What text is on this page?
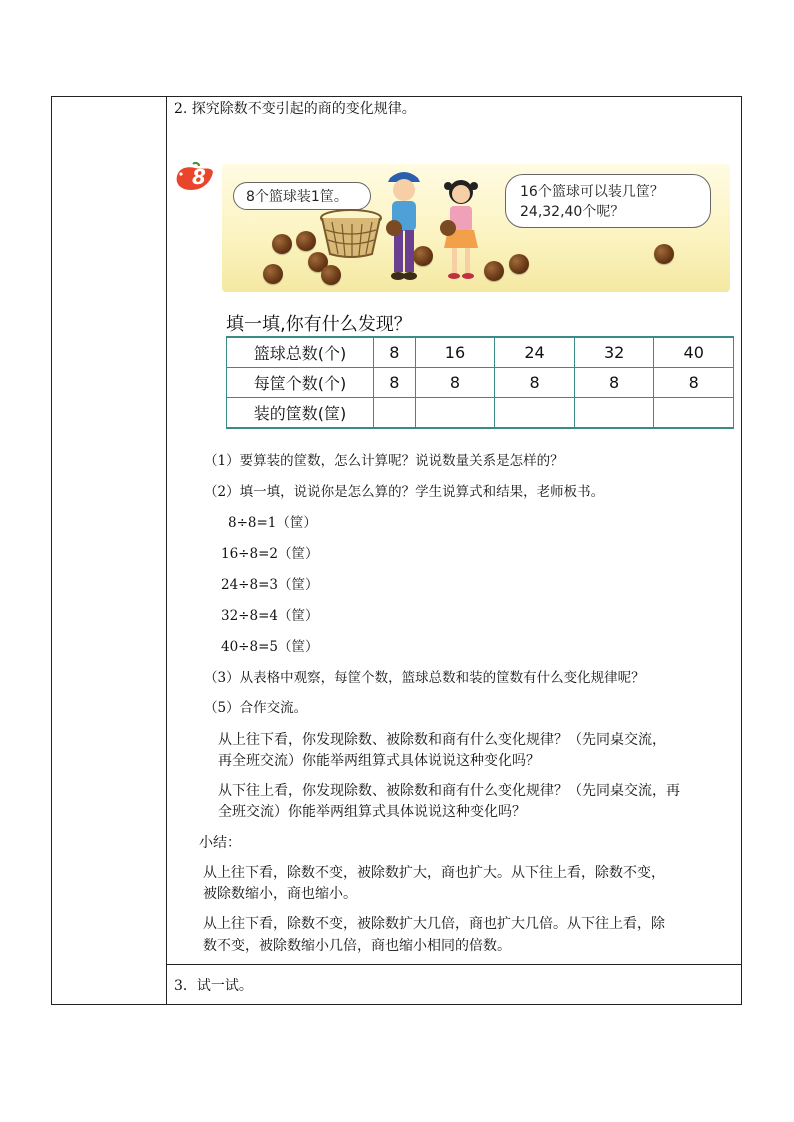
2. 探究除数不变引起的商的变化规律。
8
8个篮球装1筐。	16个篮球可以装几筐？
24,32,40个呢？
填一填,你有什么发现？
篮球总数(个)	8	16	24	32	40
每筐个数(个)	8	8	8	8	8
装的筐数(筐)					
（1）要算装的筐数，怎么计算呢？说说数量关系是怎样的？
（2）填一填，说说你是怎么算的？学生说算式和结果，老师板书。
8÷8=1（筐）
16÷8=2（筐）
24÷8=3（筐）
32÷8=4（筐）
40÷8=5（筐）
（3）从表格中观察，每筐个数，篮球总数和装的筐数有什么变化规律呢？
（5）合作交流。
从上往下看，你发现除数、被除数和商有什么变化规律？（先同桌交流，
再全班交流）你能举两组算式具体说说这种变化吗？
从下往上看，你发现除数、被除数和商有什么变化规律？（先同桌交流，再
全班交流）你能举两组算式具体说说这种变化吗？
小结：
从上往下看，除数不变，被除数扩大，商也扩大。从下往上看，除数不变，
被除数缩小，商也缩小。
从上往下看，除数不变，被除数扩大几倍，商也扩大几倍。从下往上看，除
数不变，被除数缩小几倍，商也缩小相同的倍数。
3．试一试。
